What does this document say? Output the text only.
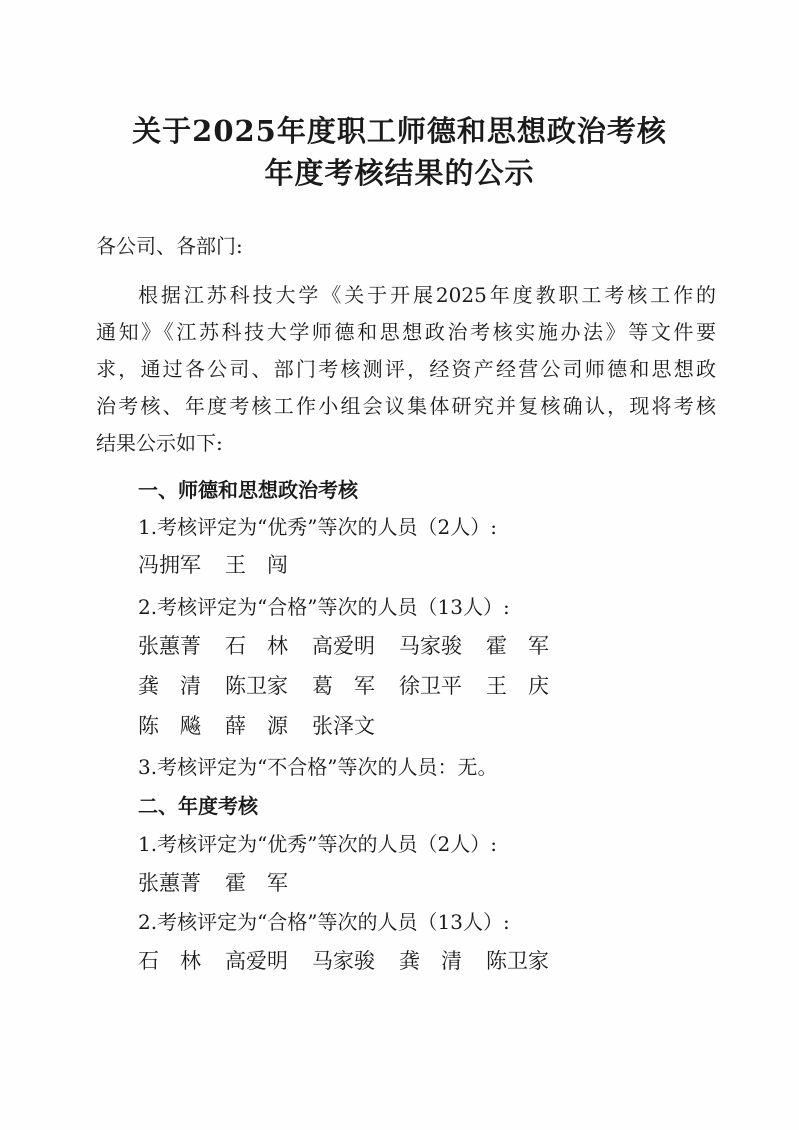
关于2025年度职工师德和思想政治考核
年度考核结果的公示
各公司、各部门:
根据江苏科技大学《关于开展2025年度教职工考核工作的
通知》《江苏科技大学师德和思想政治考核实施办法》等文件要
求，通过各公司、部门考核测评，经资产经营公司师德和思想政
治考核、年度考核工作小组会议集体研究并复核确认，现将考核
结果公示如下:
一、师德和思想政治考核
1.考核评定为“优秀”等次的人员（2人）:
冯拥军 王　闯
2.考核评定为“合格”等次的人员（13人）:
张蕙菁 石　林 高爱明 马家骏 霍　军
龚　清 陈卫家 葛　军 徐卫平 王　庆
陈　飚 薛　源 张泽文
3.考核评定为“不合格”等次的人员：无。
二、年度考核
1.考核评定为“优秀”等次的人员（2人）:
张蕙菁 霍　军
2.考核评定为“合格”等次的人员（13人）:
石　林 高爱明 马家骏 龚　清 陈卫家
